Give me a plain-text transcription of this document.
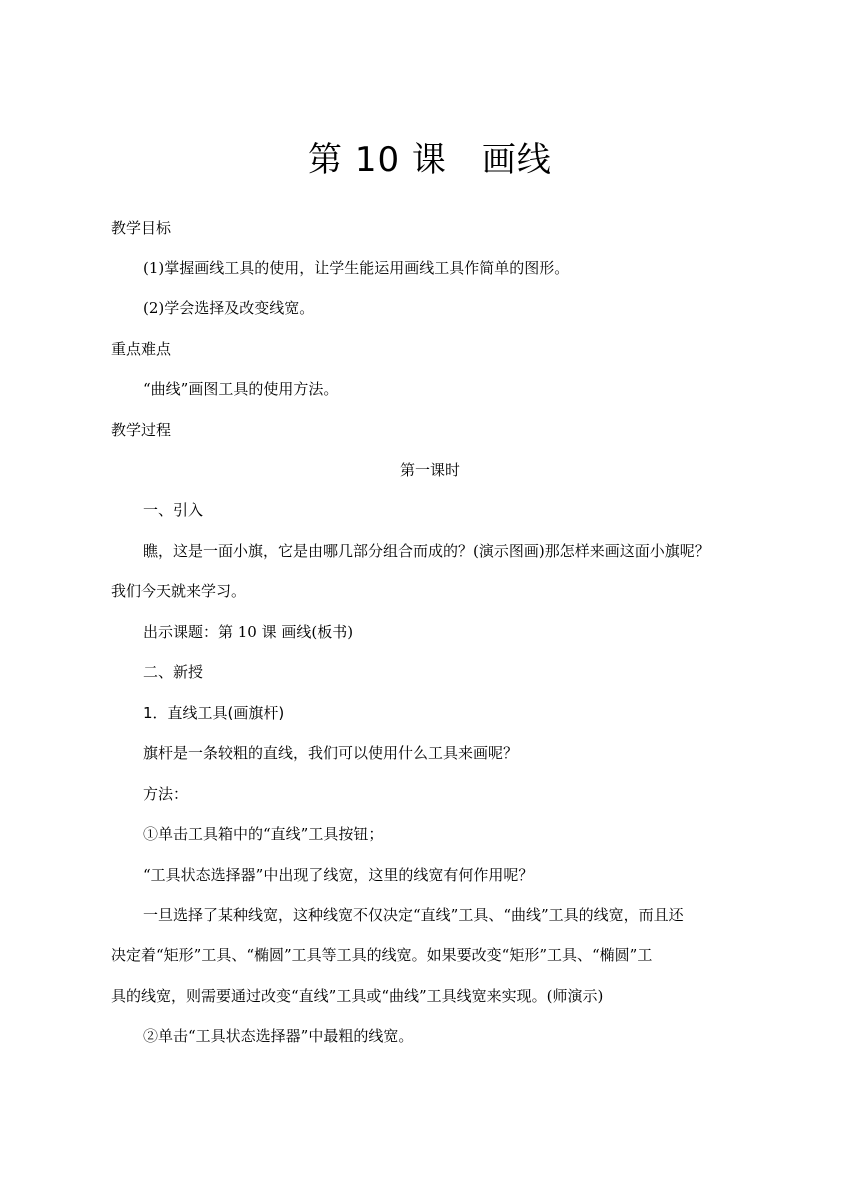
第 10 课　画线
教学目标
(1)掌握画线工具的使用，让学生能运用画线工具作简单的图形。
(2)学会选择及改变线宽。
重点难点
“曲线”画图工具的使用方法。
教学过程
第一课时
一、引入
瞧，这是一面小旗，它是由哪几部分组合而成的？(演示图画)那怎样来画这面小旗呢？
我们今天就来学习。
出示课题：第 10 课 画线(板书)
二、新授
1．直线工具(画旗杆)
旗杆是一条较粗的直线，我们可以使用什么工具来画呢？
方法：
①单击工具箱中的“直线”工具按钮；
“工具状态选择器”中出现了线宽，这里的线宽有何作用呢？
一旦选择了某种线宽，这种线宽不仅决定“直线”工具、“曲线”工具的线宽，而且还
决定着“矩形”工具、“椭圆”工具等工具的线宽。如果要改变“矩形”工具、“椭圆”工
具的线宽，则需要通过改变“直线”工具或“曲线”工具线宽来实现。(师演示)
②单击“工具状态选择器”中最粗的线宽。
